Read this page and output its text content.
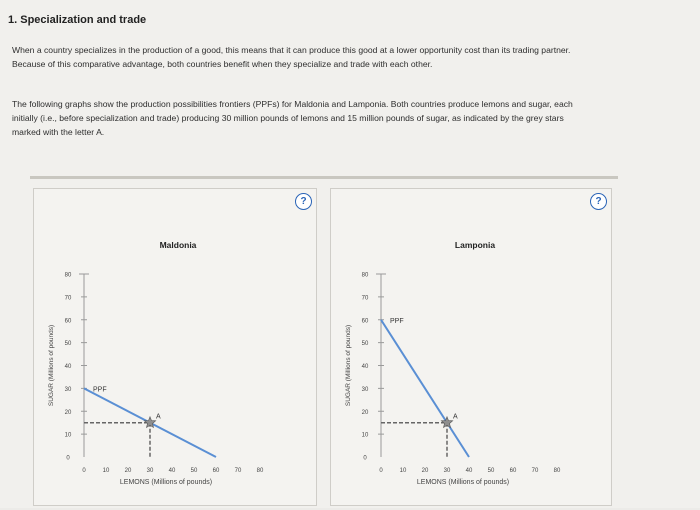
1. Specialization and trade
When a country specializes in the production of a good, this means that it can produce this good at a lower opportunity cost than its trading partner.
Because of this comparative advantage, both countries benefit when they specialize and trade with each other.
The following graphs show the production possibilities frontiers (PPFs) for Maldonia and Lamponia. Both countries produce lemons and sugar, each
initially (i.e., before specialization and trade) producing 30 million pounds of lemons and 15 million pounds of sugar, as indicated by the grey stars
marked with the letter A.
?
Maldonia
0
10
20
30
40
50
60
70
80
0	10	20	30	40	50	60	70	80
LEMONS (Millions of pounds)
SUGAR (Millions of pounds)	PPF
A
?
Lamponia
0
10
20
30
40
50
60
70
80
0	10	20	30	40	50	60	70	80
LEMONS (Millions of pounds)
SUGAR (Millions of pounds)
PPF
A
